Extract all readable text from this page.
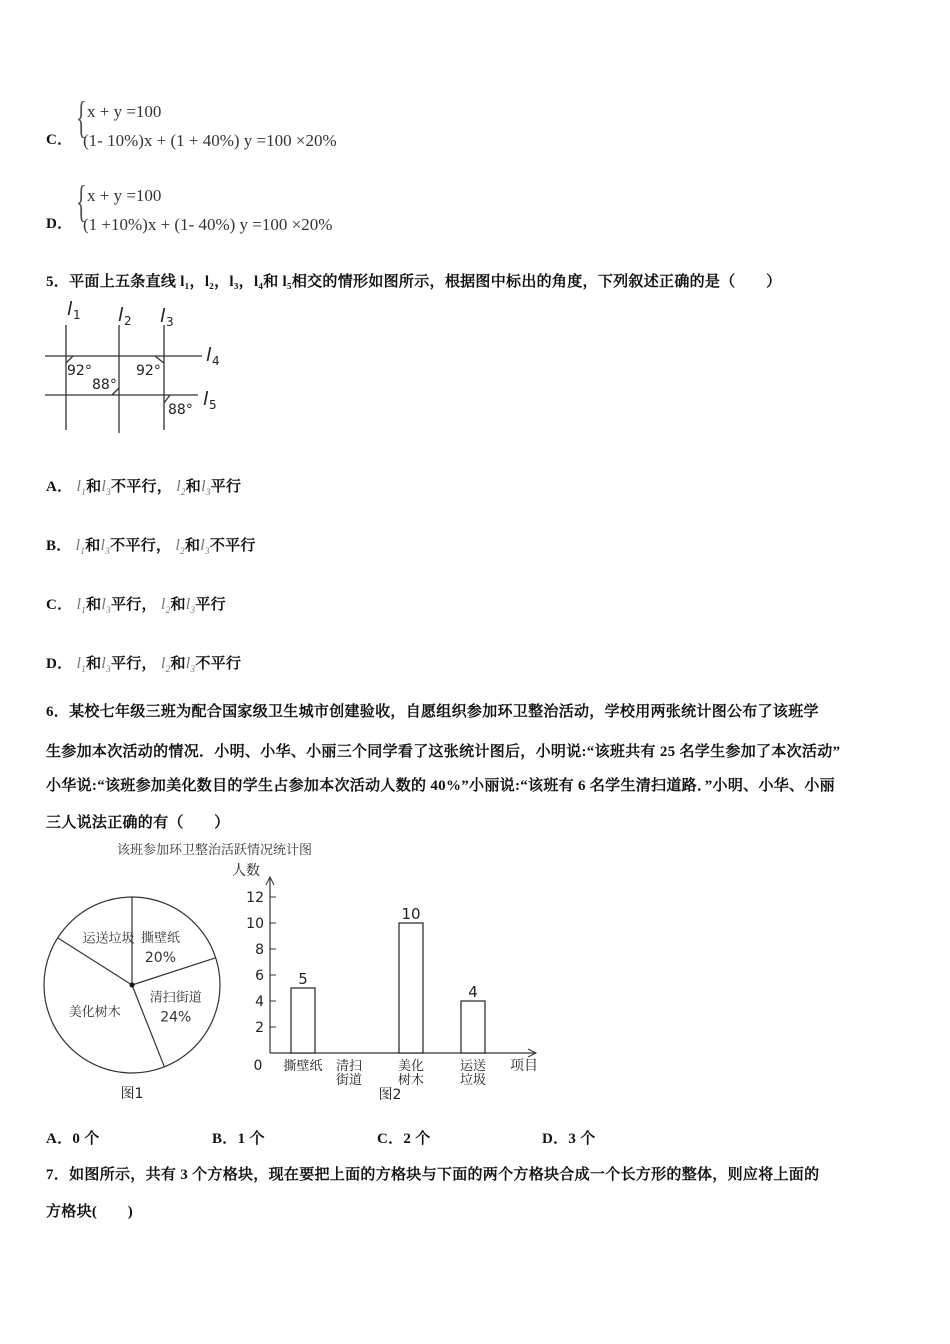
C． { x + y =100
(1- 10%)x + (1 + 40%) y =100 ×20%
D． { x + y =100
(1 +10%)x + (1- 40%) y =100 ×20%
5．平面上五条直线 l₁，l₂，l₃，l₄和 l₅相交的情形如图所示，根据图中标出的角度，下列叙述正确的是（　　）
l 1 l 2 l 3
l 4
l 5
92°
88°
92°
88°
A． $l_1$和$l_3$不平行， $l_2$和$l_3$平行
B． $l_1$和$l_3$不平行， $l_2$和$l_3$不平行
C． $l_1$和$l_3$平行， $l_2$和$l_3$平行
D． $l_1$和$l_3$平行， $l_2$和$l_3$不平行
6．某校七年级三班为配合国家级卫生城市创建验收，自愿组织参加环卫整治活动，学校用两张统计图公布了该班学
生参加本次活动的情况．小明、小华、小丽三个同学看了这张统计图后，小明说:“该班共有 25 名学生参加了本次活动”
小华说:“该班参加美化数目的学生占参加本次活动人数的 40%”小丽说:“该班有 6 名学生清扫道路．”小明、小华、小丽
三人说法正确的有（　　）
该班参加环卫整治活跃情况统计图
撕壁纸
20%
清扫街道
24%
美化树木
运送垃圾
图1
人数
项目
0
2
4
6
8
10
12
撕壁纸
5
清扫
街道
美化
树木
10
运送
垃圾
4
图2
A．0 个	B．1 个	C．2 个	D．3 个
7．如图所示，共有 3 个方格块，现在要把上面的方格块与下面的两个方格块合成一个长方形的整体，则应将上面的
方格块(　　)
